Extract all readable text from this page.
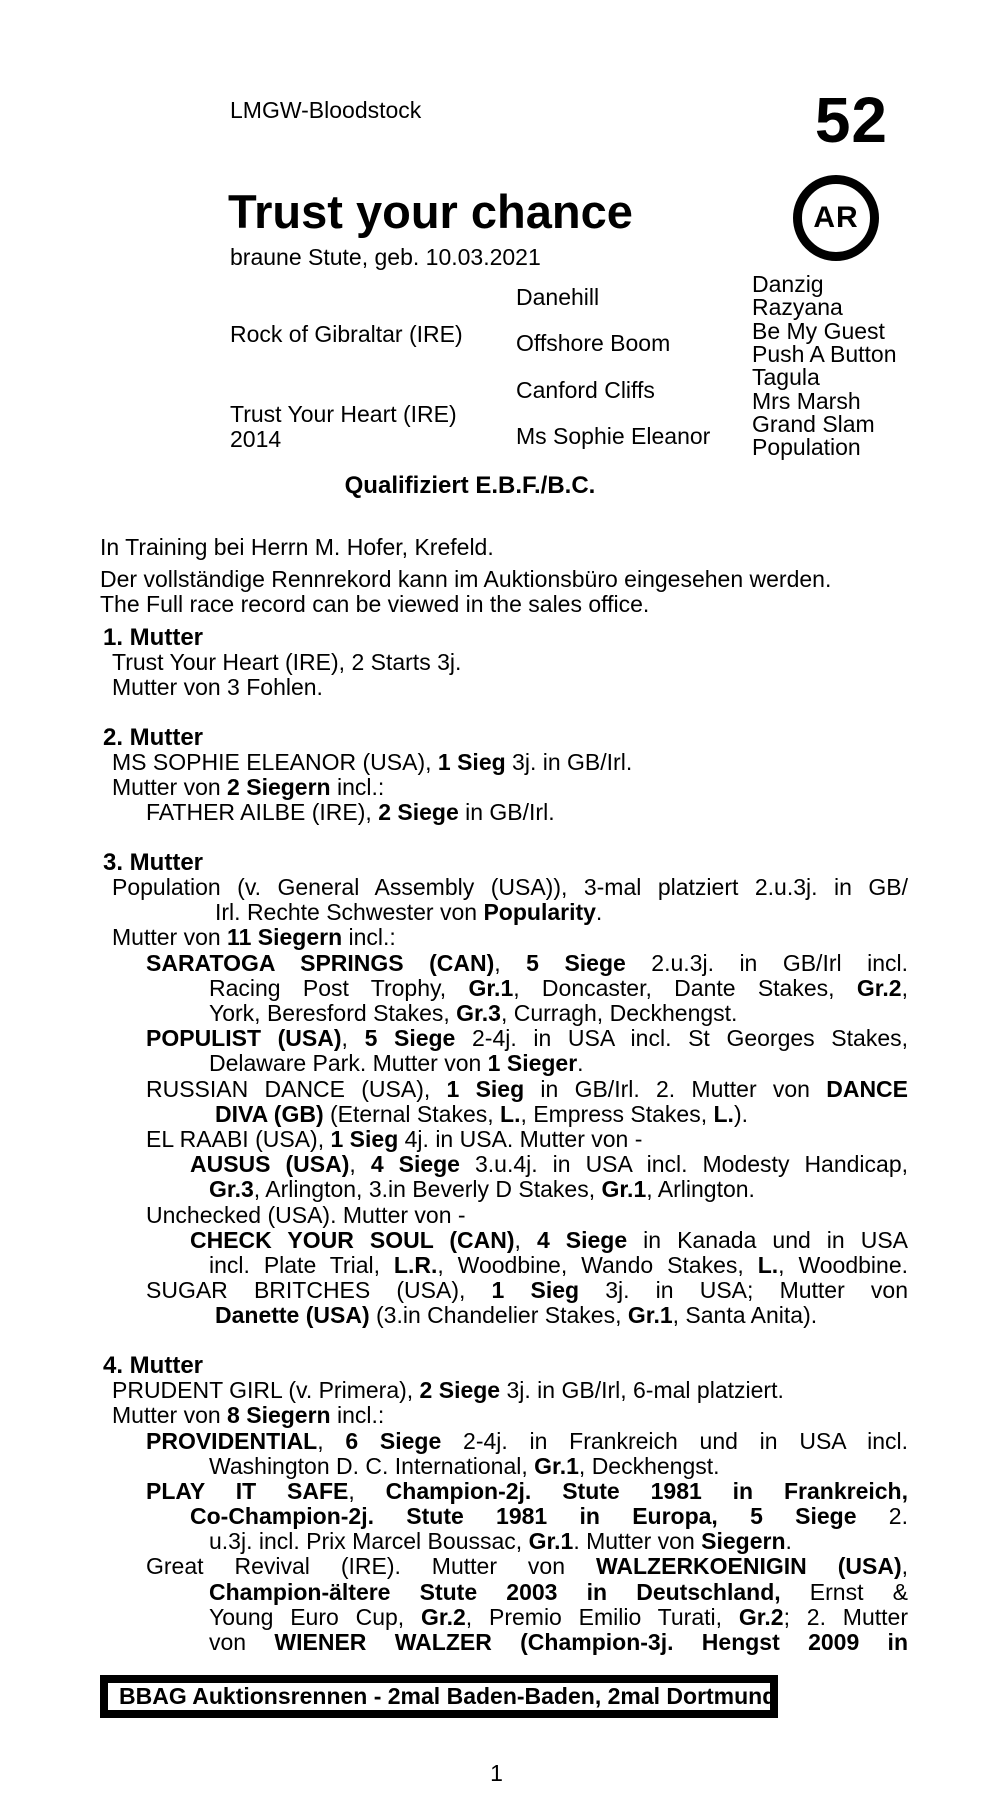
LMGW-Bloodstock	52
Trust your chance
braune Stute, geb. 10.03.2021
AR
Rock of Gibraltar (IRE)
Trust Your Heart (IRE)
2014
Danehill
Offshore Boom
Canford Cliffs
Ms Sophie Eleanor
Danzig
Razyana
Be My Guest
Push A Button
Tagula
Mrs Marsh
Grand Slam
Population
Qualifiziert E.B.F./B.C.
In Training bei Herrn M. Hofer, Krefeld.
Der vollständige Rennrekord kann im Auktionsbüro eingesehen werden.
The Full race record can be viewed in the sales office.
1. Mutter
Trust Your Heart (IRE), 2 Starts 3j.
Mutter von 3 Fohlen.
2. Mutter
MS SOPHIE ELEANOR (USA), 1 Sieg 3j. in GB/Irl.
Mutter von 2 Siegern incl.:
FATHER AILBE (IRE), 2 Siege in GB/Irl.
3. Mutter
Population (v. General Assembly (USA)), 3-mal platziert 2.u.3j. in GB/
Irl. Rechte Schwester von Popularity.
Mutter von 11 Siegern incl.:
SARATOGA SPRINGS (CAN), 5 Siege 2.u.3j. in GB/Irl incl.
Racing Post Trophy, Gr.1, Doncaster, Dante Stakes, Gr.2,
York, Beresford Stakes, Gr.3, Curragh, Deckhengst.
POPULIST (USA), 5 Siege 2-4j. in USA incl. St Georges Stakes,
Delaware Park. Mutter von 1 Sieger.
RUSSIAN DANCE (USA), 1 Sieg in GB/Irl. 2. Mutter von DANCE
DIVA (GB) (Eternal Stakes, L., Empress Stakes, L.).
EL RAABI (USA), 1 Sieg 4j. in USA. Mutter von -
AUSUS (USA), 4 Siege 3.u.4j. in USA incl. Modesty Handicap,
Gr.3, Arlington, 3.in Beverly D Stakes, Gr.1, Arlington.
Unchecked (USA). Mutter von -
CHECK YOUR SOUL (CAN), 4 Siege in Kanada und in USA
incl. Plate Trial, L.R., Woodbine, Wando Stakes, L., Woodbine.
SUGAR BRITCHES (USA), 1 Sieg 3j. in USA; Mutter von
Danette (USA) (3.in Chandelier Stakes, Gr.1, Santa Anita).
4. Mutter
PRUDENT GIRL (v. Primera), 2 Siege 3j. in GB/Irl, 6-mal platziert.
Mutter von 8 Siegern incl.:
PROVIDENTIAL, 6 Siege 2-4j. in Frankreich und in USA incl.
Washington D. C. International, Gr.1, Deckhengst.
PLAY IT SAFE, Champion-2j. Stute 1981 in Frankreich,
Co-Champion-2j. Stute 1981 in Europa, 5 Siege 2.
u.3j. incl. Prix Marcel Boussac, Gr.1. Mutter von Siegern.
Great Revival (IRE). Mutter von WALZERKOENIGIN (USA),
Champion-ältere Stute 2003 in Deutschland, Ernst &
Young Euro Cup, Gr.2, Premio Emilio Turati, Gr.2; 2. Mutter
von WIENER WALZER (Champion-3j. Hengst 2009 in
BBAG Auktionsrennen - 2mal Baden-Baden, 2mal Dortmund
1
